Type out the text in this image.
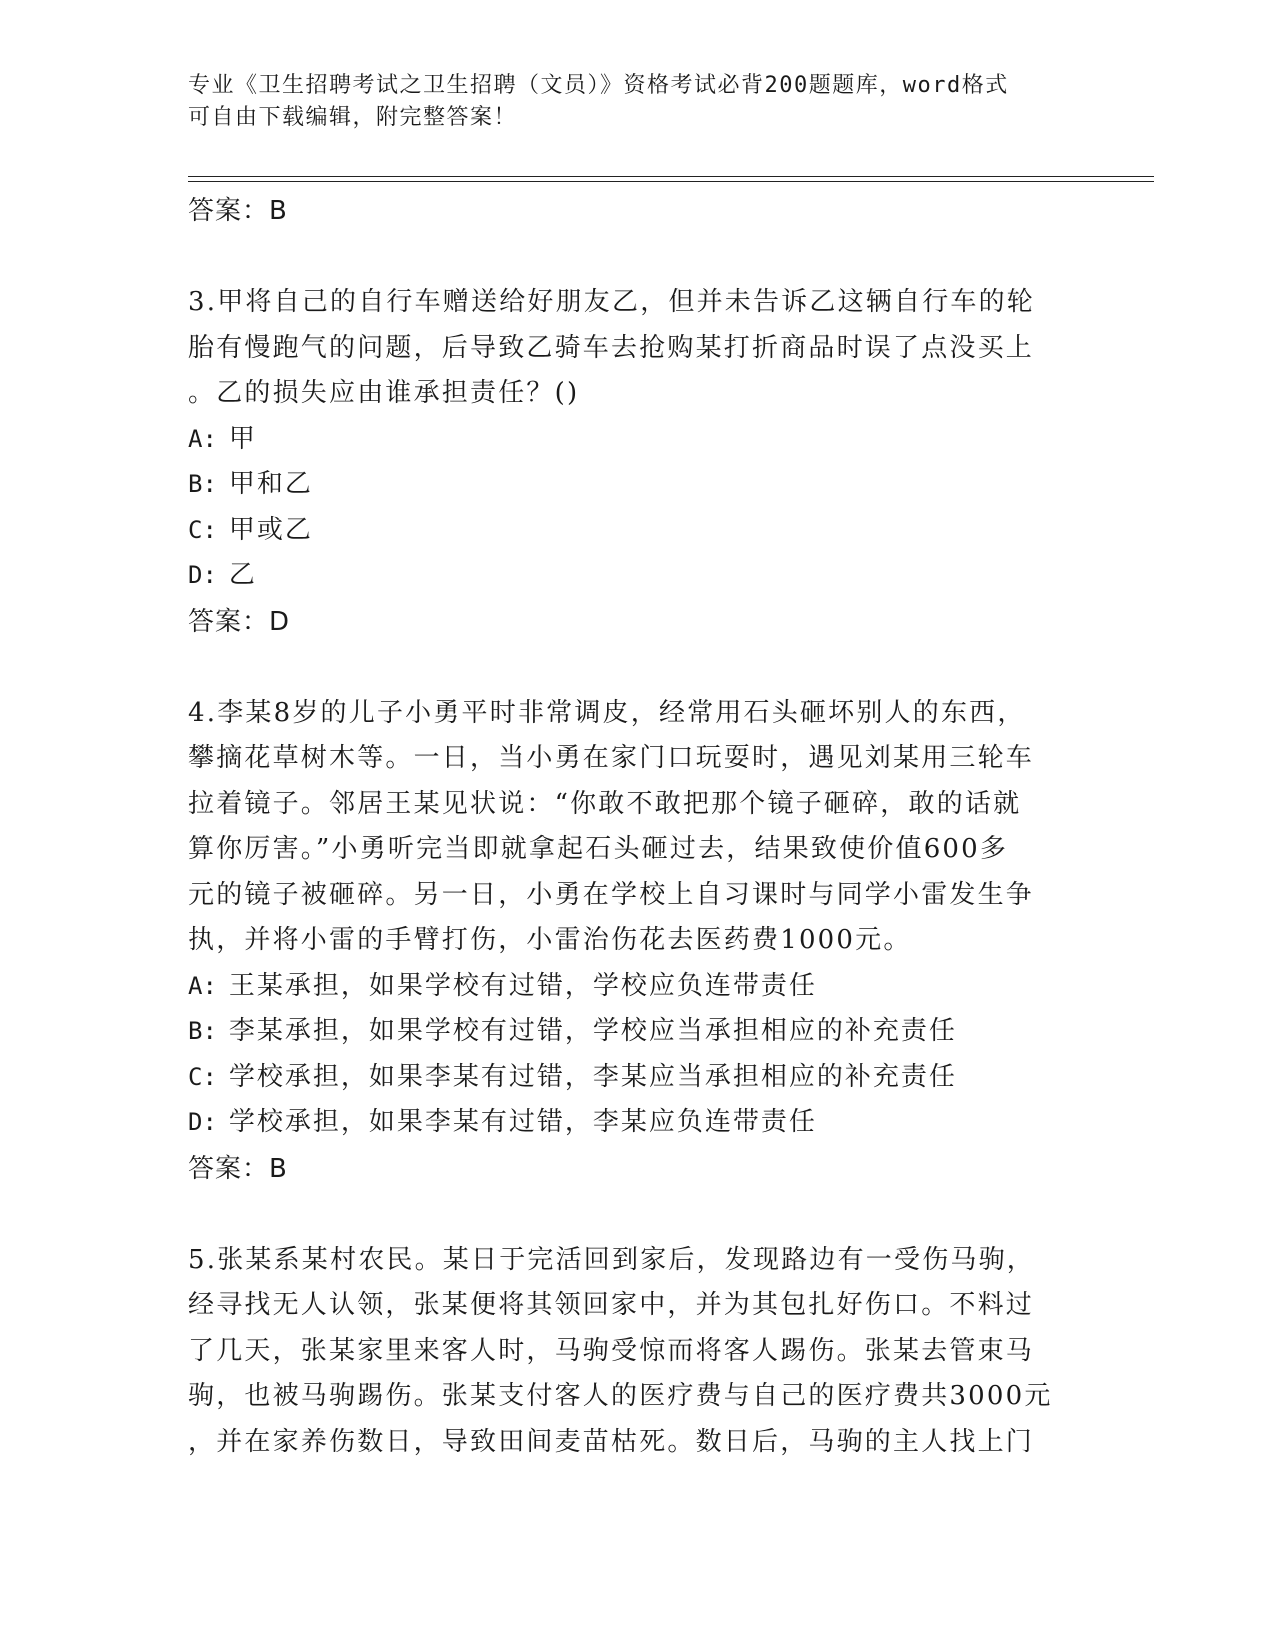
专业《卫生招聘考试之卫生招聘（文员）》资格考试必背200题题库，word格式
可自由下载编辑，附完整答案！
答案：B
3.甲将自己的自行车赠送给好朋友乙，但并未告诉乙这辆自行车的轮
胎有慢跑气的问题，后导致乙骑车去抢购某打折商品时误了点没买上
。乙的损失应由谁承担责任？()
A: 甲
B: 甲和乙
C: 甲或乙
D: 乙
答案：D
4.李某8岁的儿子小勇平时非常调皮，经常用石头砸坏别人的东西，
攀摘花草树木等。一日，当小勇在家门口玩耍时，遇见刘某用三轮车
拉着镜子。邻居王某见状说：“你敢不敢把那个镜子砸碎，敢的话就
算你厉害。”小勇听完当即就拿起石头砸过去，结果致使价值600多
元的镜子被砸碎。另一日，小勇在学校上自习课时与同学小雷发生争
执，并将小雷的手臂打伤，小雷治伤花去医药费1000元。
A: 王某承担，如果学校有过错，学校应负连带责任
B: 李某承担，如果学校有过错，学校应当承担相应的补充责任
C: 学校承担，如果李某有过错，李某应当承担相应的补充责任
D: 学校承担，如果李某有过错，李某应负连带责任
答案：B
5.张某系某村农民。某日于完活回到家后，发现路边有一受伤马驹，
经寻找无人认领，张某便将其领回家中，并为其包扎好伤口。不料过
了几天，张某家里来客人时，马驹受惊而将客人踢伤。张某去管束马
驹，也被马驹踢伤。张某支付客人的医疗费与自己的医疗费共3000元
，并在家养伤数日，导致田间麦苗枯死。数日后，马驹的主人找上门
